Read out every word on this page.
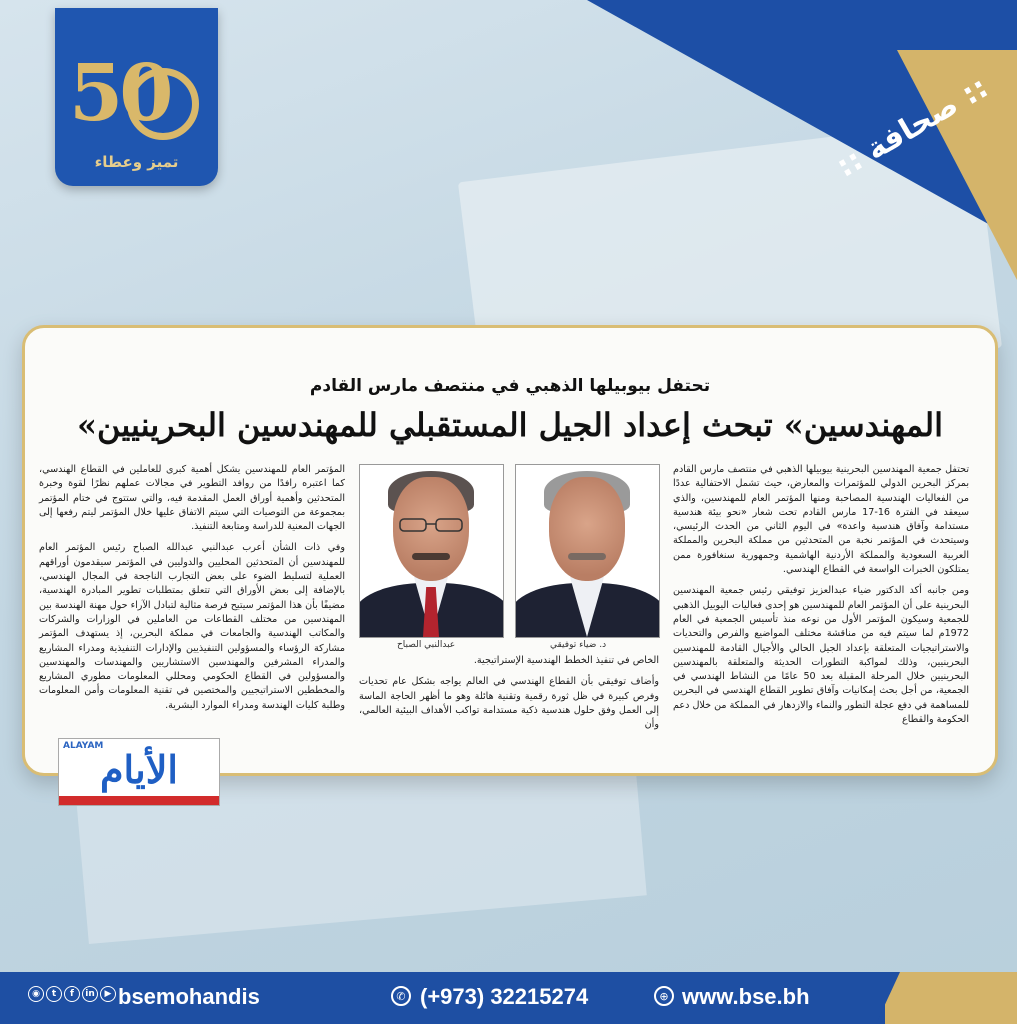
:: صحافة ::
50
تميز وعطاء
تحتفل بيوبيلها الذهبي في منتصف مارس القادم
«المهندسين» تبحث إعداد الجيل المستقبلي للمهندسين البحرينيين

تحتفل جمعية المهندسين البحرينية بيوبيلها الذهبي في منتصف مارس القادم بمركز البحرين الدولي للمؤتمرات والمعارض، حيث تشمل الاحتفالية عددًا من الفعاليات الهندسية المصاحبة ومنها المؤتمر العام للمهندسين، والذي سيعقد في الفترة 16-17 مارس القادم تحت شعار «نحو بيئة هندسية مستدامة وآفاق هندسية واعدة» في اليوم الثاني من الحدث الرئيسي، وسيتحدث في المؤتمر نخبة من المتحدثين من مملكة البحرين والمملكة العربية السعودية والمملكة الأردنية الهاشمية وجمهورية سنغافورة ممن يمتلكون الخبرات الواسعة في القطاع الهندسي.

ومن جانبه أكد الدكتور ضياء عبدالعزيز توفيقي رئيس جمعية المهندسين البحرينية على أن المؤتمر العام للمهندسين هو إحدى فعاليات اليوبيل الذهبي للجمعية وسيكون المؤتمر الأول من نوعه منذ تأسيس الجمعية في العام 1972م لما سيتم فيه من مناقشة مختلف المواضيع والفرص والتحديات والاستراتيجيات المتعلقة بإعداد الجيل الحالي والأجيال القادمة للمهندسين البحرينيين، وذلك لمواكبة التطورات الحديثة والمتعلقة بالمهندسين البحرينيين خلال المرحلة المقبلة بعد 50 عامًا من النشاط الهندسي في الجمعية، من أجل بحث إمكانيات وآفاق تطوير القطاع الهندسي في البحرين للمساهمة في دفع عجلة التطور والنماء والازدهار في المملكة من خلال دعم الحكومة والقطاع

د. ضياء توفيقي
عبدالنبي الصباح

الخاص في تنفيذ الخطط الهندسية الإستراتيجية.

وأضاف توفيقي بأن القطاع الهندسي في العالم يواجه بشكل عام تحديات وفرص كبيرة في ظل ثورة رقمية وتقنية هائلة وهو ما أظهر الحاجة الماسة إلى العمل وفق حلول هندسية ذكية مستدامة تواكب الأهداف البيئية العالمي، وأن

المؤتمر العام للمهندسين يشكل أهمية كبرى للعاملين في القطاع الهندسي، كما اعتبره رافدًا من روافد التطوير في مجالات عملهم نظرًا لقوة وخبرة المتحدثين وأهمية أوراق العمل المقدمة فيه، والتي ستتوج في ختام المؤتمر بمجموعة من التوصيات التي سيتم الاتفاق عليها خلال المؤتمر ليتم رفعها إلى الجهات المعنية للدراسة ومتابعة التنفيذ.

وفي ذات الشأن أعرب عبدالنبي عبدالله الصباح رئيس المؤتمر العام للمهندسين أن المتحدثين المحليين والدوليين في المؤتمر سيقدمون أوراقهم العملية لتسليط الضوء على بعض التجارب الناجحة في المجال الهندسي، بالإضافة إلى بعض الأوراق التي تتعلق بمتطلبات تطوير المبادرة الهندسية، مضيفًا بأن هذا المؤتمر سيتيح فرصة مثالية لتبادل الآراء حول مهنة الهندسة بين المهندسين من مختلف القطاعات من العاملين في الوزارات والشركات والمكاتب الهندسية والجامعات في مملكة البحرين، إذ يستهدف المؤتمر مشاركة الرؤساء والمسؤولين التنفيذيين والإدارات التنفيذية ومدراء المشاريع والمدراء المشرفين والمهندسين الاستشاريين والمهندسات والمهندسين والمسؤولين في القطاع الحكومي ومحللي المعلومات مطوري المشاريع والمخططين الاستراتيجيين والمختصين في تقنية المعلومات وأمن المعلومات وطلبة كليات الهندسة ومدراء الموارد البشرية.

ALAYAM
الأيام
◉	t	f	in	▶ bsemohandis	✆ (+973) 32215274	⊕ www.bse.bh
